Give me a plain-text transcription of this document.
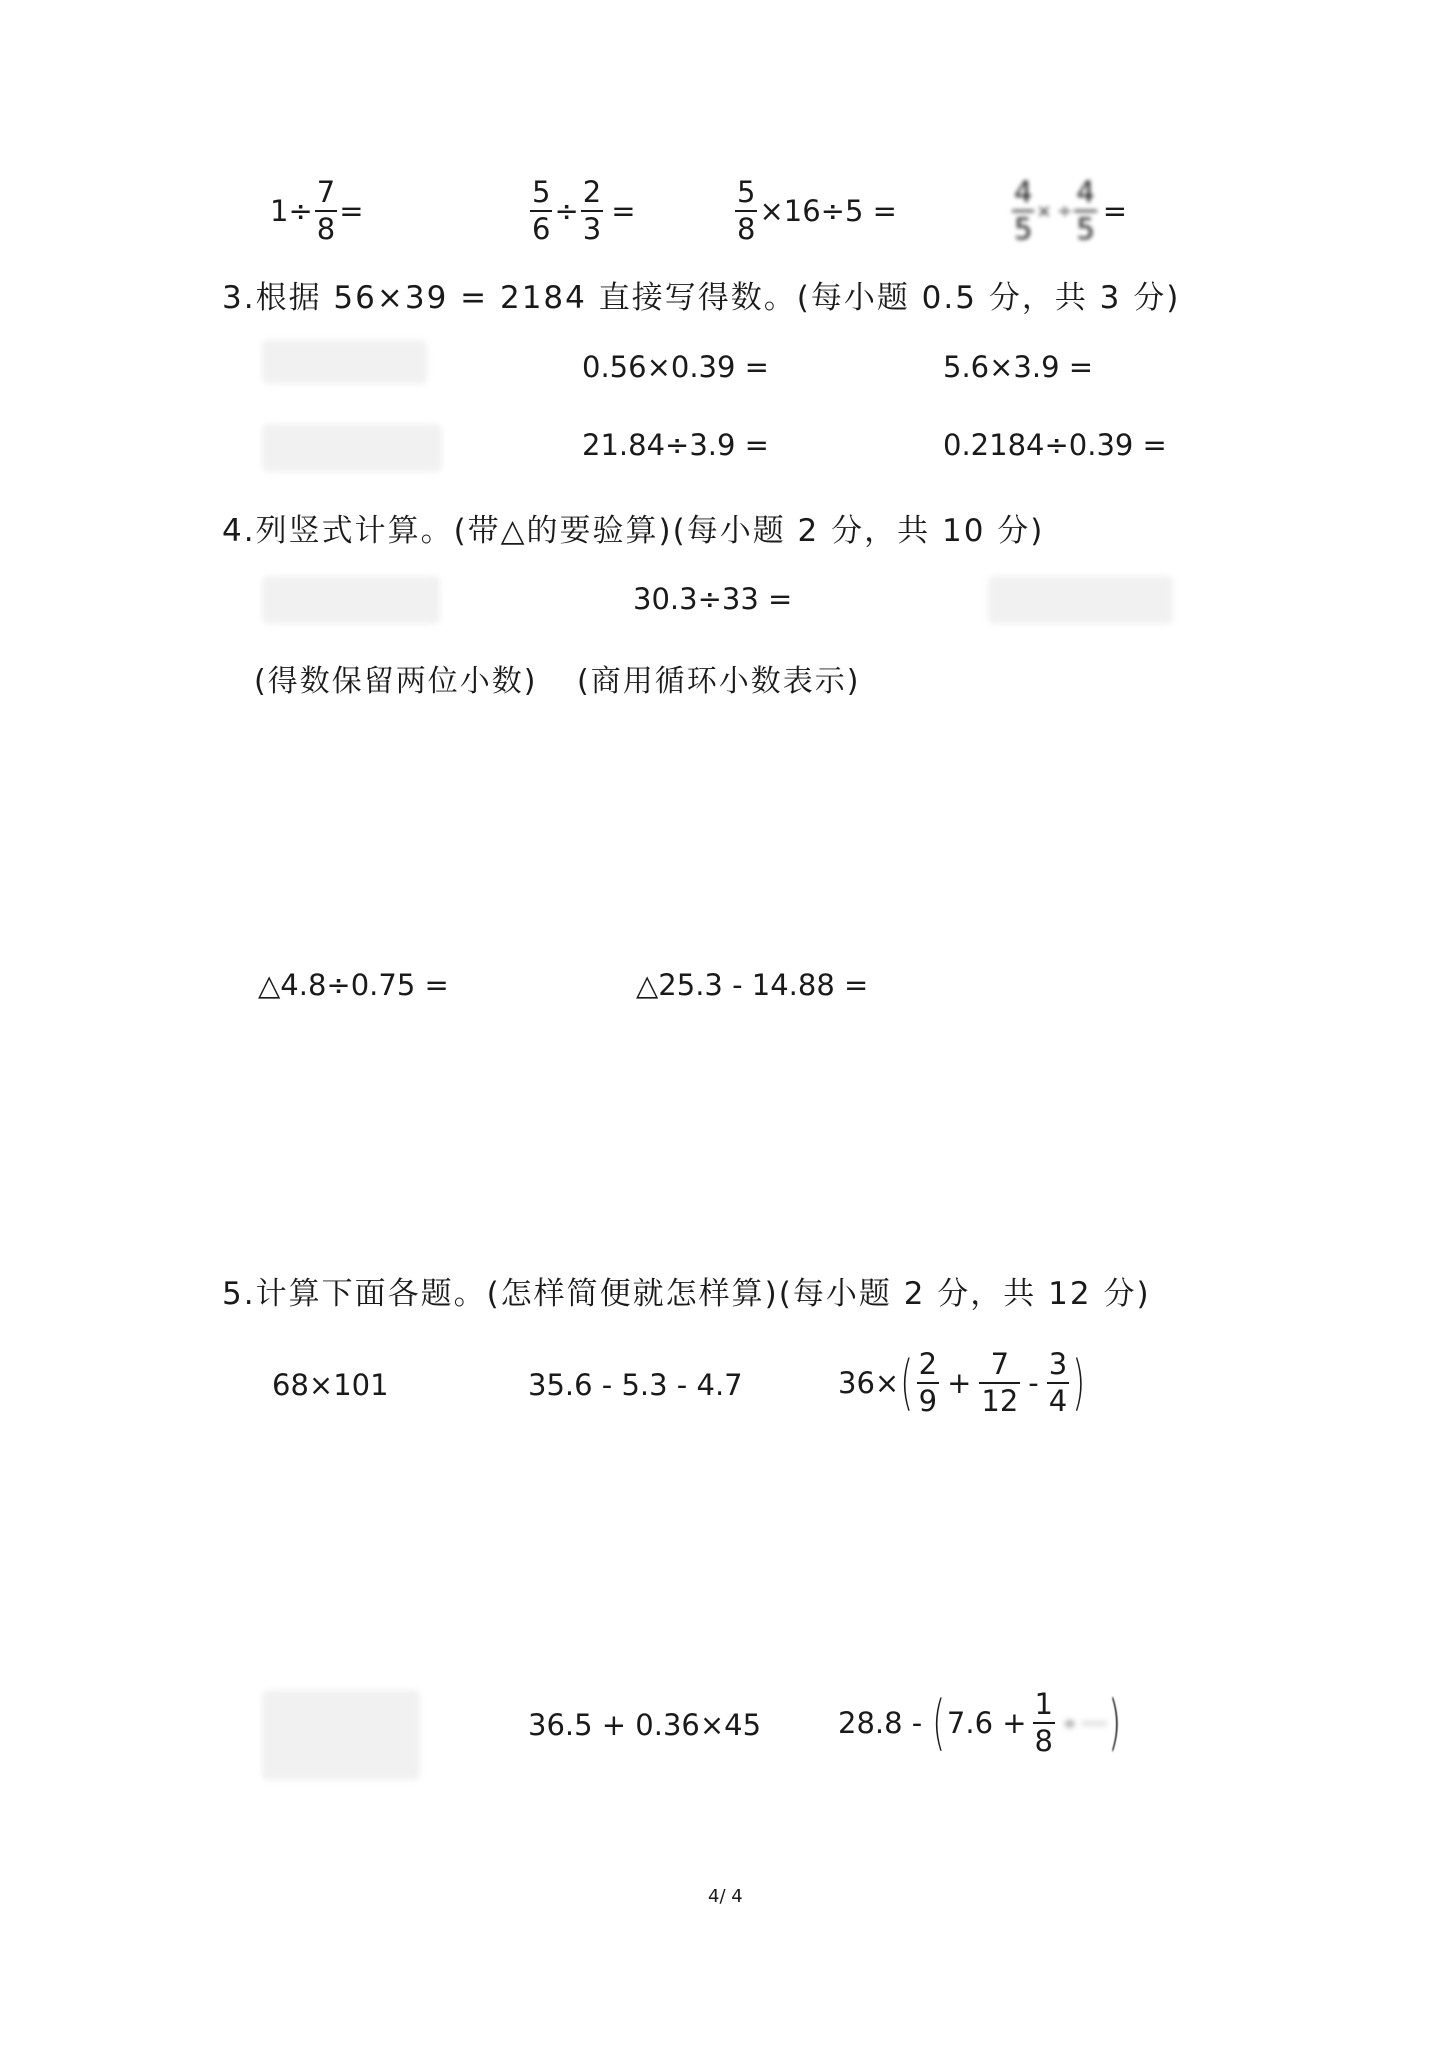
$1\div \frac{7}{8}$ =	$\frac{5}{6} \div \frac{2}{3}$ =	$\frac{5}{8} \times 16\div 5$ =	$\frac{4}{5}$ × ÷ $\frac{4}{5}$ =
3.根据 56×39 = 2184 直接写得数。(每小题 0.5 分，共 3 分)
0.56×0.39 =	5.6×3.9 =
21.84÷3.9 =	0.2184÷0.39 =
4.列竖式计算。(带△的要验算)(每小题 2 分，共 10 分)
30.3÷33 =
(得数保留两位小数) (商用循环小数表示)
△4.8÷0.75 =	△25.3 - 14.88 =
5.计算下面各题。(怎样简便就怎样算)(每小题 2 分，共 12 分)
68×101	35.6 - 5.3 - 4.7	36× ( $\frac{2}{9} + \frac{7}{12} - \frac{3}{4}$ )
36.5 + 0.36×45	28.8 - ( $7.6 + \frac{1}{8}$ ÷ ····· )
4/ 4
